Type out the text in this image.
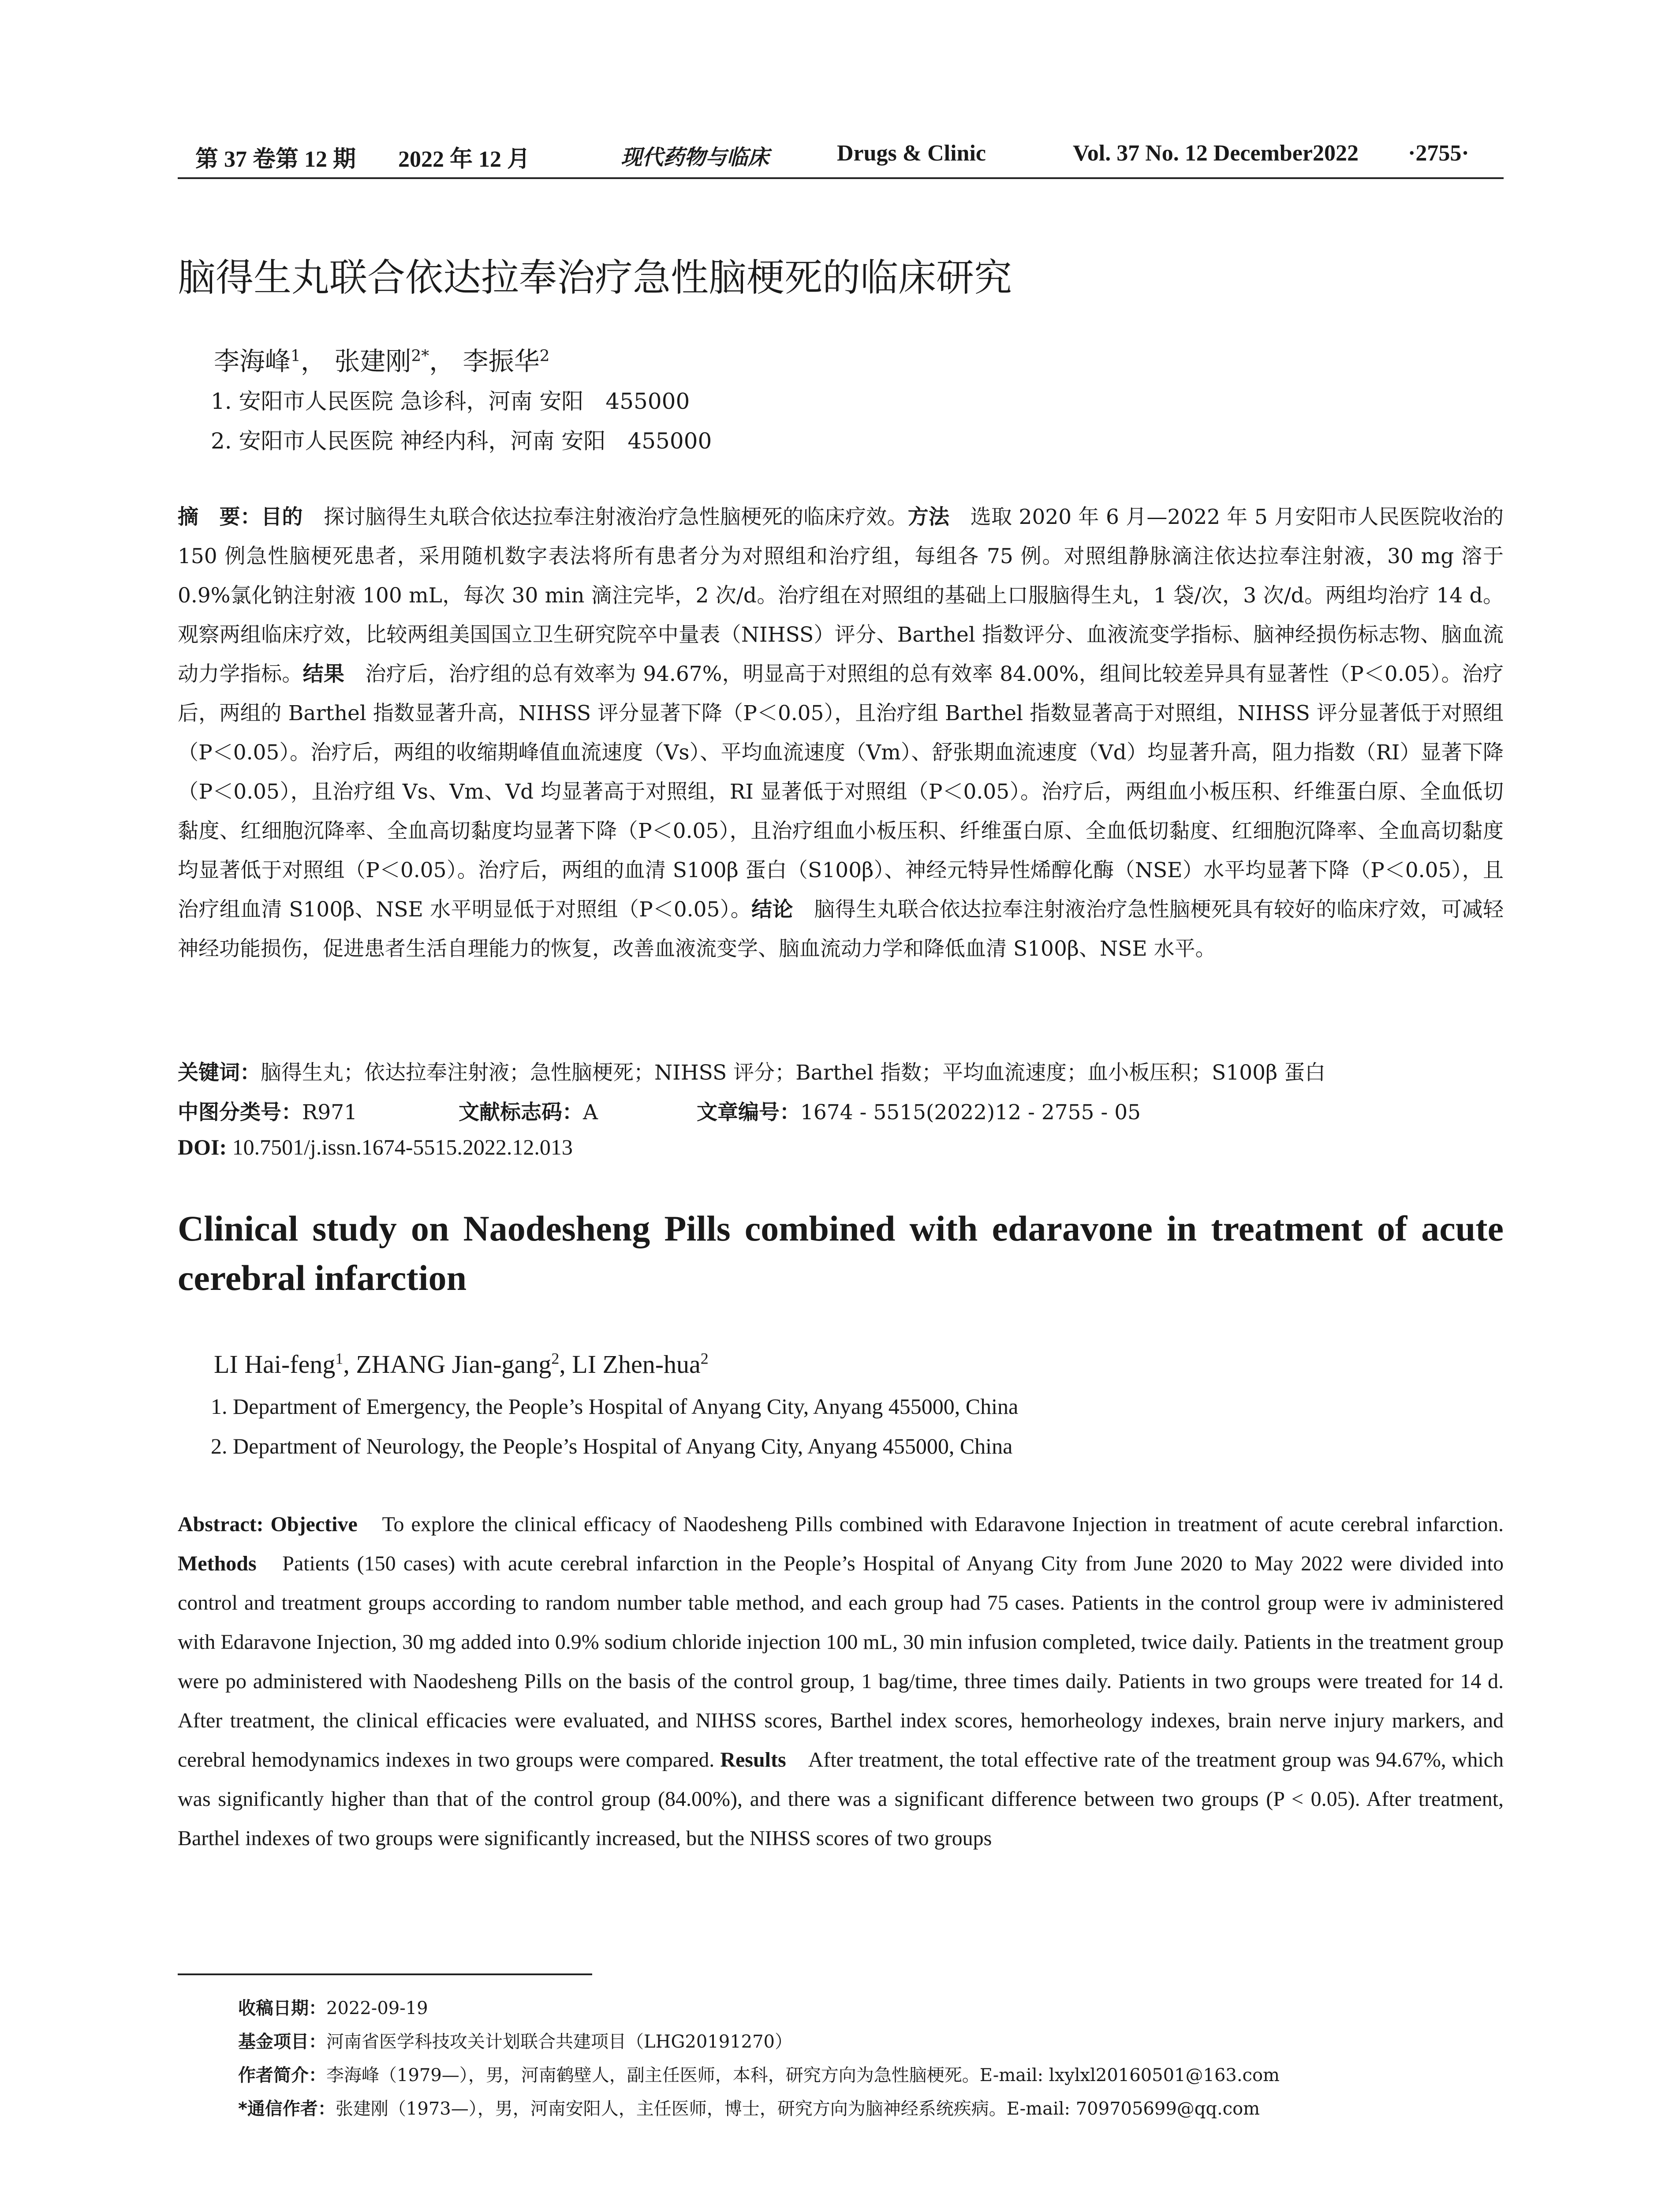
第 37 卷第 12 期 2022 年 12 月	现代药物与临床	Drugs & Clinic	Vol. 37 No. 12 December2022 ·2755·
脑得生丸联合依达拉奉治疗急性脑梗死的临床研究
李海峰$^1$， 张建刚$^{2*}$， 李振华$^2$
1. 安阳市人民医院 急诊科，河南 安阳　455000
2. 安阳市人民医院 神经内科，河南 安阳　455000
摘　要：目的　探讨脑得生丸联合依达拉奉注射液治疗急性脑梗死的临床疗效。方法　选取 2020 年 6 月—2022 年 5 月安阳市人民医院收治的 150 例急性脑梗死患者，采用随机数字表法将所有患者分为对照组和治疗组，每组各 75 例。对照组静脉滴注依达拉奉注射液，30 mg 溶于 0.9%氯化钠注射液 100 mL，每次 30 min 滴注完毕，2 次/d。治疗组在对照组的基础上口服脑得生丸，1 袋/次，3 次/d。两组均治疗 14 d。观察两组临床疗效，比较两组美国国立卫生研究院卒中量表（NIHSS）评分、Barthel 指数评分、血液流变学指标、脑神经损伤标志物、脑血流动力学指标。结果　治疗后，治疗组的总有效率为 94.67%，明显高于对照组的总有效率 84.00%，组间比较差异具有显著性（P＜0.05）。治疗后，两组的 Barthel 指数显著升高，NIHSS 评分显著下降（P＜0.05），且治疗组 Barthel 指数显著高于对照组，NIHSS 评分显著低于对照组（P＜0.05）。治疗后，两组的收缩期峰值血流速度（Vs）、平均血流速度（Vm）、舒张期血流速度（Vd）均显著升高，阻力指数（RI）显著下降（P＜0.05），且治疗组 Vs、Vm、Vd 均显著高于对照组，RI 显著低于对照组（P＜0.05）。治疗后，两组血小板压积、纤维蛋白原、全血低切黏度、红细胞沉降率、全血高切黏度均显著下降（P＜0.05），且治疗组血小板压积、纤维蛋白原、全血低切黏度、红细胞沉降率、全血高切黏度均显著低于对照组（P＜0.05）。治疗后，两组的血清 S100β 蛋白（S100β）、神经元特异性烯醇化酶（NSE）水平均显著下降（P＜0.05），且治疗组血清 S100β、NSE 水平明显低于对照组（P＜0.05）。结论　脑得生丸联合依达拉奉注射液治疗急性脑梗死具有较好的临床疗效，可减轻神经功能损伤，促进患者生活自理能力的恢复，改善血液流变学、脑血流动力学和降低血清 S100β、NSE 水平。
关键词：脑得生丸；依达拉奉注射液；急性脑梗死；NIHSS 评分；Barthel 指数；平均血流速度；血小板压积；S100β 蛋白
中图分类号：R971	文献标志码：A	文章编号：1674 - 5515(2022)12 - 2755 - 05
DOI: 10.7501/j.issn.1674-5515.2022.12.013
Clinical study on Naodesheng Pills combined with edaravone in treatment of acute cerebral infarction
LI Hai-feng$^1$, ZHANG Jian-gang$^2$, LI Zhen-hua$^2$
1. Department of Emergency, the People’s Hospital of Anyang City, Anyang 455000, China
2. Department of Neurology, the People’s Hospital of Anyang City, Anyang 455000, China
Abstract: Objective　To explore the clinical efficacy of Naodesheng Pills combined with Edaravone Injection in treatment of acute cerebral infarction. Methods　Patients (150 cases) with acute cerebral infarction in the People’s Hospital of Anyang City from June 2020 to May 2022 were divided into control and treatment groups according to random number table method, and each group had 75 cases. Patients in the control group were iv administered with Edaravone Injection, 30 mg added into 0.9% sodium chloride injection 100 mL, 30 min infusion completed, twice daily. Patients in the treatment group were po administered with Naodesheng Pills on the basis of the control group, 1 bag/time, three times daily. Patients in two groups were treated for 14 d. After treatment, the clinical efficacies were evaluated, and NIHSS scores, Barthel index scores, hemorheology indexes, brain nerve injury markers, and cerebral hemodynamics indexes in two groups were compared. Results　After treatment, the total effective rate of the treatment group was 94.67%, which was significantly higher than that of the control group (84.00%), and there was a significant difference between two groups (P < 0.05). After treatment, Barthel indexes of two groups were significantly increased, but the NIHSS scores of two groups
收稿日期：2022-09-19
基金项目：河南省医学科技攻关计划联合共建项目（LHG20191270）
作者简介：李海峰（1979—），男，河南鹤壁人，副主任医师，本科，研究方向为急性脑梗死。E-mail: lxylxl20160501@163.com
*通信作者：张建刚（1973—），男，河南安阳人，主任医师，博士，研究方向为脑神经系统疾病。E-mail: 709705699@qq.com
